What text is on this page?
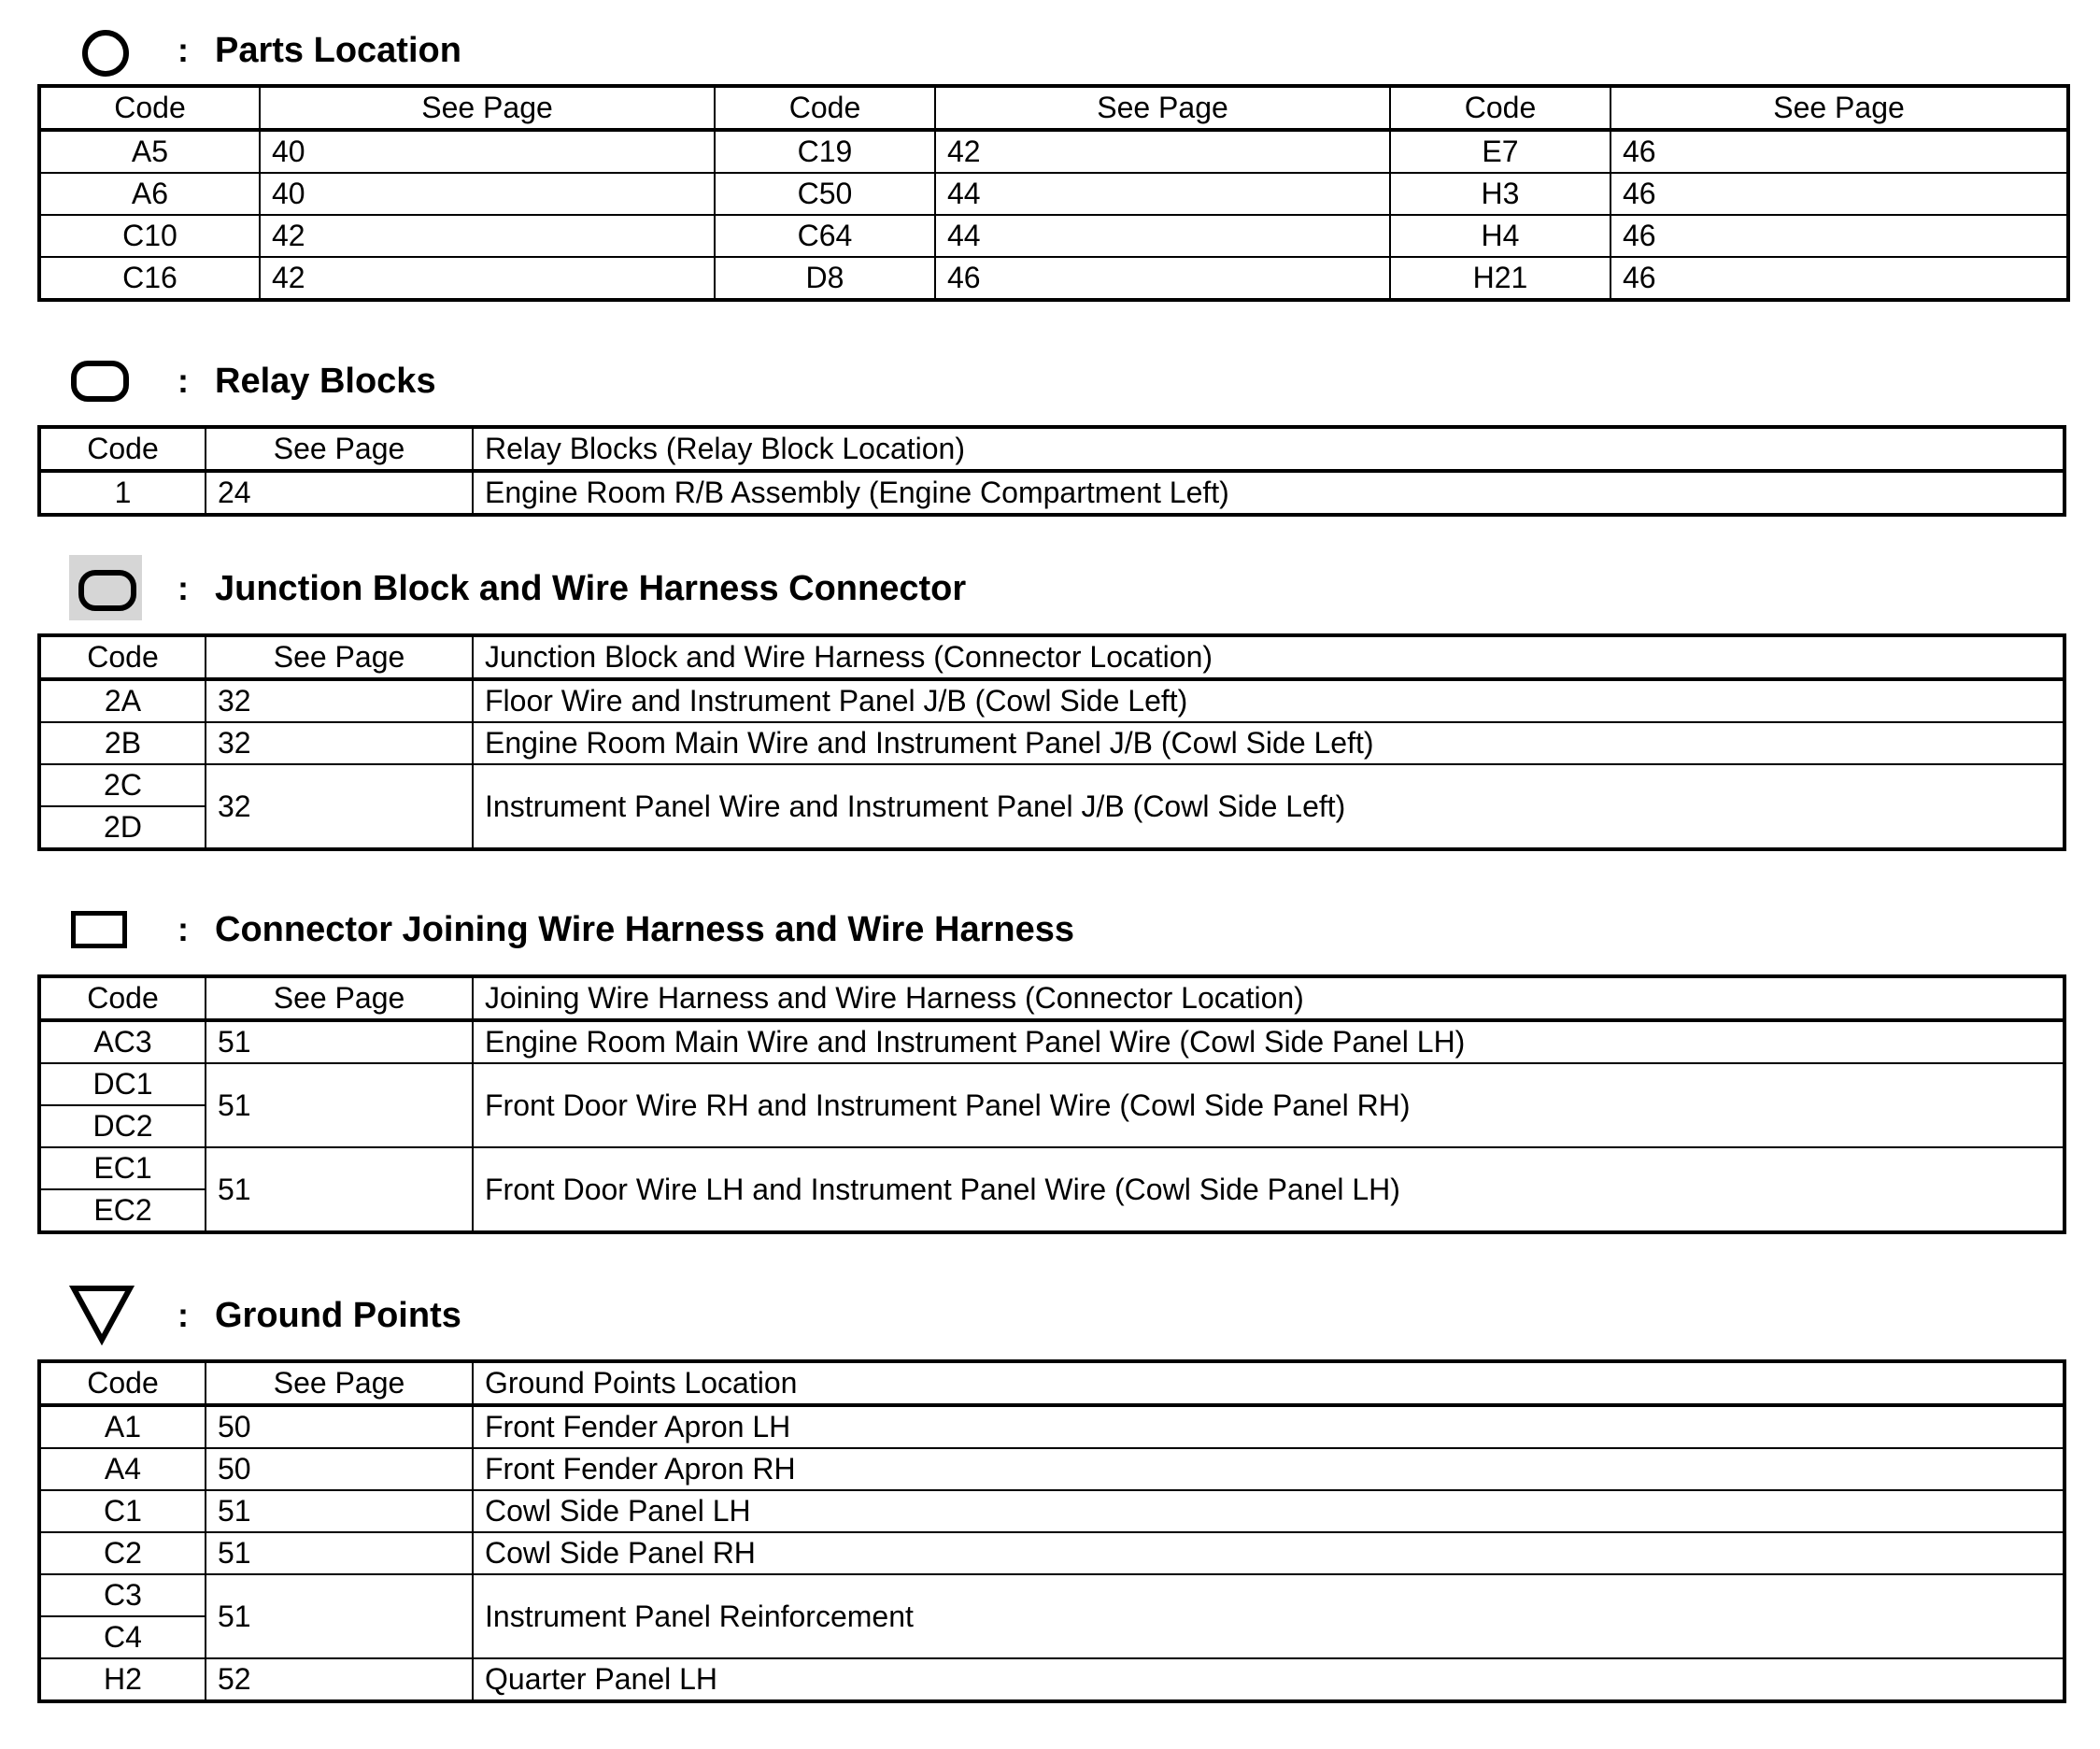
: Parts Location
Code	See Page	Code	See Page	Code	See Page
A5	40	C19	42	E7	46
A6	40	C50	44	H3	46
C10	42	C64	44	H4	46
C16	42	D8	46	H21	46
: Relay Blocks
Code	See Page	Relay Blocks (Relay Block Location)
1	24	Engine Room R/B Assembly (Engine Compartment Left)
: Junction Block and Wire Harness Connector
Code	See Page	Junction Block and Wire Harness (Connector Location)
2A	32	Floor Wire and Instrument Panel J/B (Cowl Side Left)
2B	32	Engine Room Main Wire and Instrument Panel J/B (Cowl Side Left)
2C	32	Instrument Panel Wire and Instrument Panel J/B (Cowl Side Left)
2D		
: Connector Joining Wire Harness and Wire Harness
Code	See Page	Joining Wire Harness and Wire Harness (Connector Location)
AC3	51	Engine Room Main Wire and Instrument Panel Wire (Cowl Side Panel LH)
DC1	51	Front Door Wire RH and Instrument Panel Wire (Cowl Side Panel RH)
DC2		
EC1	51	Front Door Wire LH and Instrument Panel Wire (Cowl Side Panel LH)
EC2		
: Ground Points
Code	See Page	Ground Points Location
A1	50	Front Fender Apron LH
A4	50	Front Fender Apron RH
C1	51	Cowl Side Panel LH
C2	51	Cowl Side Panel RH
C3	51	Instrument Panel Reinforcement
C4		
H2	52	Quarter Panel LH
